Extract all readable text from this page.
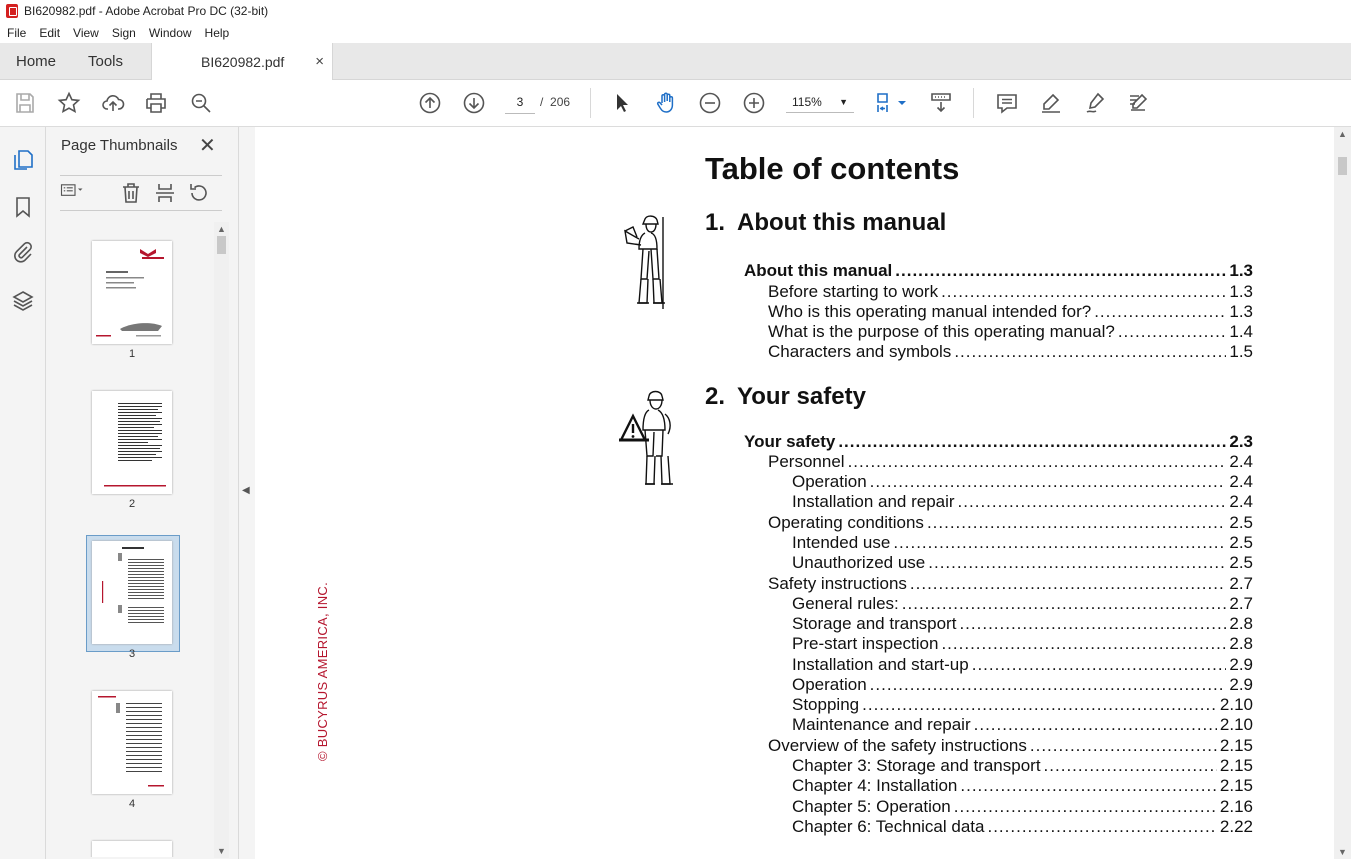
BI620982.pdf - Adobe Acrobat Pro DC (32-bit)
File	Edit	View	Sign	Window	Help
Home Tools	BI620982.pdf ×
3	/ 206	115% ▼
Page Thumbnails ✕
1
2
3
4
▲
▼
◀
© BUCYRUS AMERICA, INC.
Table of contents
1. About this manual
2. Your safety
About this manual .....	1.3
Before starting to work .....	1.3
Who is this operating manual intended for? .....	1.3
What is the purpose of this operating manual? .....	1.4
Characters and symbols .....	1.5
Your safety .....	2.3
Personnel .....	2.4
Operation .....	2.4
Installation and repair .....	2.4
Operating conditions .....	2.5
Intended use .....	2.5
Unauthorized use .....	2.5
Safety instructions .....	2.7
General rules: .....	2.7
Storage and transport .....	2.8
Pre-start inspection .....	2.8
Installation and start-up .....	2.9
Operation .....	2.9
Stopping .....	2.10
Maintenance and repair .....	2.10
Overview of the safety instructions .....	2.15
Chapter 3: Storage and transport .....	2.15
Chapter 4: Installation .....	2.15
Chapter 5: Operation .....	2.16
Chapter 6: Technical data .....	2.22
▲
▼
